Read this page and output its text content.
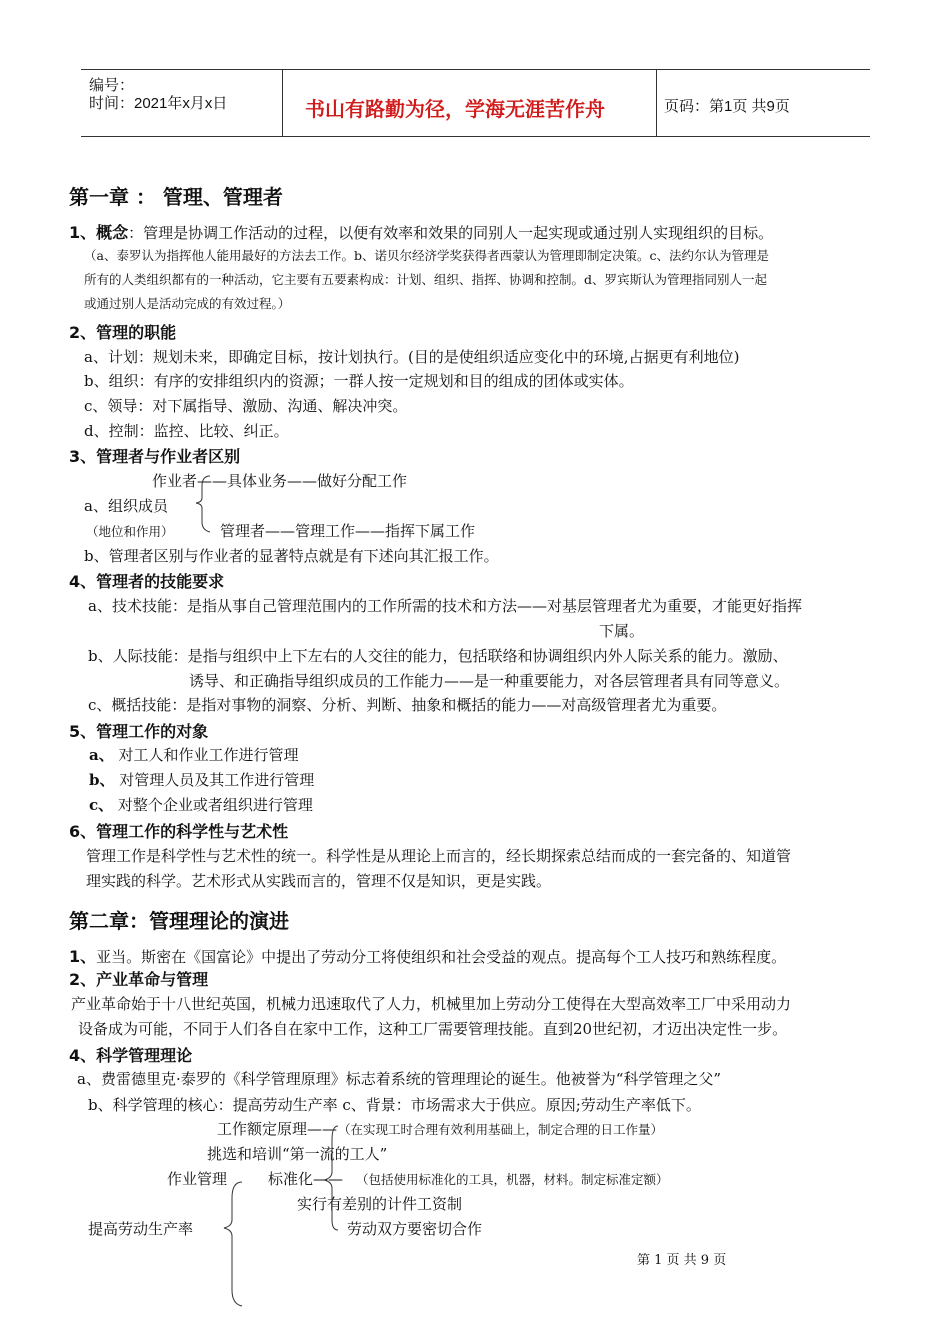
编号：
时间：2021年x月x日	书山有路勤为径，学海无涯苦作舟	页码：第1页 共9页
第一章 ： 管理、管理者
1、概念：管理是协调工作活动的过程，以便有效率和效果的同别人一起实现或通过别人实现组织的目标。
（a、泰罗认为指挥他人能用最好的方法去工作。b、诺贝尔经济学奖获得者西蒙认为管理即制定决策。c、法约尔认为管理是
所有的人类组织都有的一种活动，它主要有五要素构成：计划、组织、指挥、协调和控制。d、罗宾斯认为管理指同别人一起
或通过别人是活动完成的有效过程。）
2、管理的职能
a、计划：规划未来，即确定目标，按计划执行。(目的是使组织适应变化中的环境,占据更有利地位)
b、组织：有序的安排组织内的资源；一群人按一定规划和目的组成的团体或实体。
c、领导：对下属指导、激励、沟通、解决冲突。
d、控制：监控、比较、纠正。
3、管理者与作业者区别
作业者——具体业务——做好分配工作
a、组织成员
（地位和作用）	管理者——管理工作——指挥下属工作
b、管理者区别与作业者的显著特点就是有下述向其汇报工作。
4、管理者的技能要求
a、技术技能：是指从事自己管理范围内的工作所需的技术和方法——对基层管理者尤为重要，才能更好指挥
下属。
b、人际技能：是指与组织中上下左右的人交往的能力，包括联络和协调组织内外人际关系的能力。激励、
诱导、和正确指导组织成员的工作能力——是一种重要能力，对各层管理者具有同等意义。
c、概括技能：是指对事物的洞察、分析、判断、抽象和概括的能力——对高级管理者尤为重要。
5、管理工作的对象
a、 对工人和作业工作进行管理
b、 对管理人员及其工作进行管理
c、 对整个企业或者组织进行管理
6、管理工作的科学性与艺术性
管理工作是科学性与艺术性的统一。科学性是从理论上而言的，经长期探索总结而成的一套完备的、知道管
理实践的科学。艺术形式从实践而言的，管理不仅是知识，更是实践。
第二章：管理理论的演进
1、亚当。斯密在《国富论》中提出了劳动分工将使组织和社会受益的观点。提高每个工人技巧和熟练程度。
2、产业革命与管理
产业革命始于十八世纪英国，机械力迅速取代了人力，机械里加上劳动分工使得在大型高效率工厂中采用动力
设备成为可能，不同于人们各自在家中工作，这种工厂需要管理技能。直到20世纪初，才迈出决定性一步。
4、科学管理理论
a、费雷德里克·泰罗的《科学管理原理》标志着系统的管理理论的诞生。他被誉为“科学管理之父”
b、科学管理的核心：提高劳动生产率 c、背景：市场需求大于供应。原因;劳动生产率低下。
工作额定原理—— （在实现工时合理有效利用基础上，制定合理的日工作量）
挑选和培训“第一流的工人”
作业管理	标准化—— （包括使用标准化的工具，机器，材料。制定标准定额）
实行有差别的计件工资制
劳动双方要密切合作
提高劳动生产率
第 1 页 共 9 页
